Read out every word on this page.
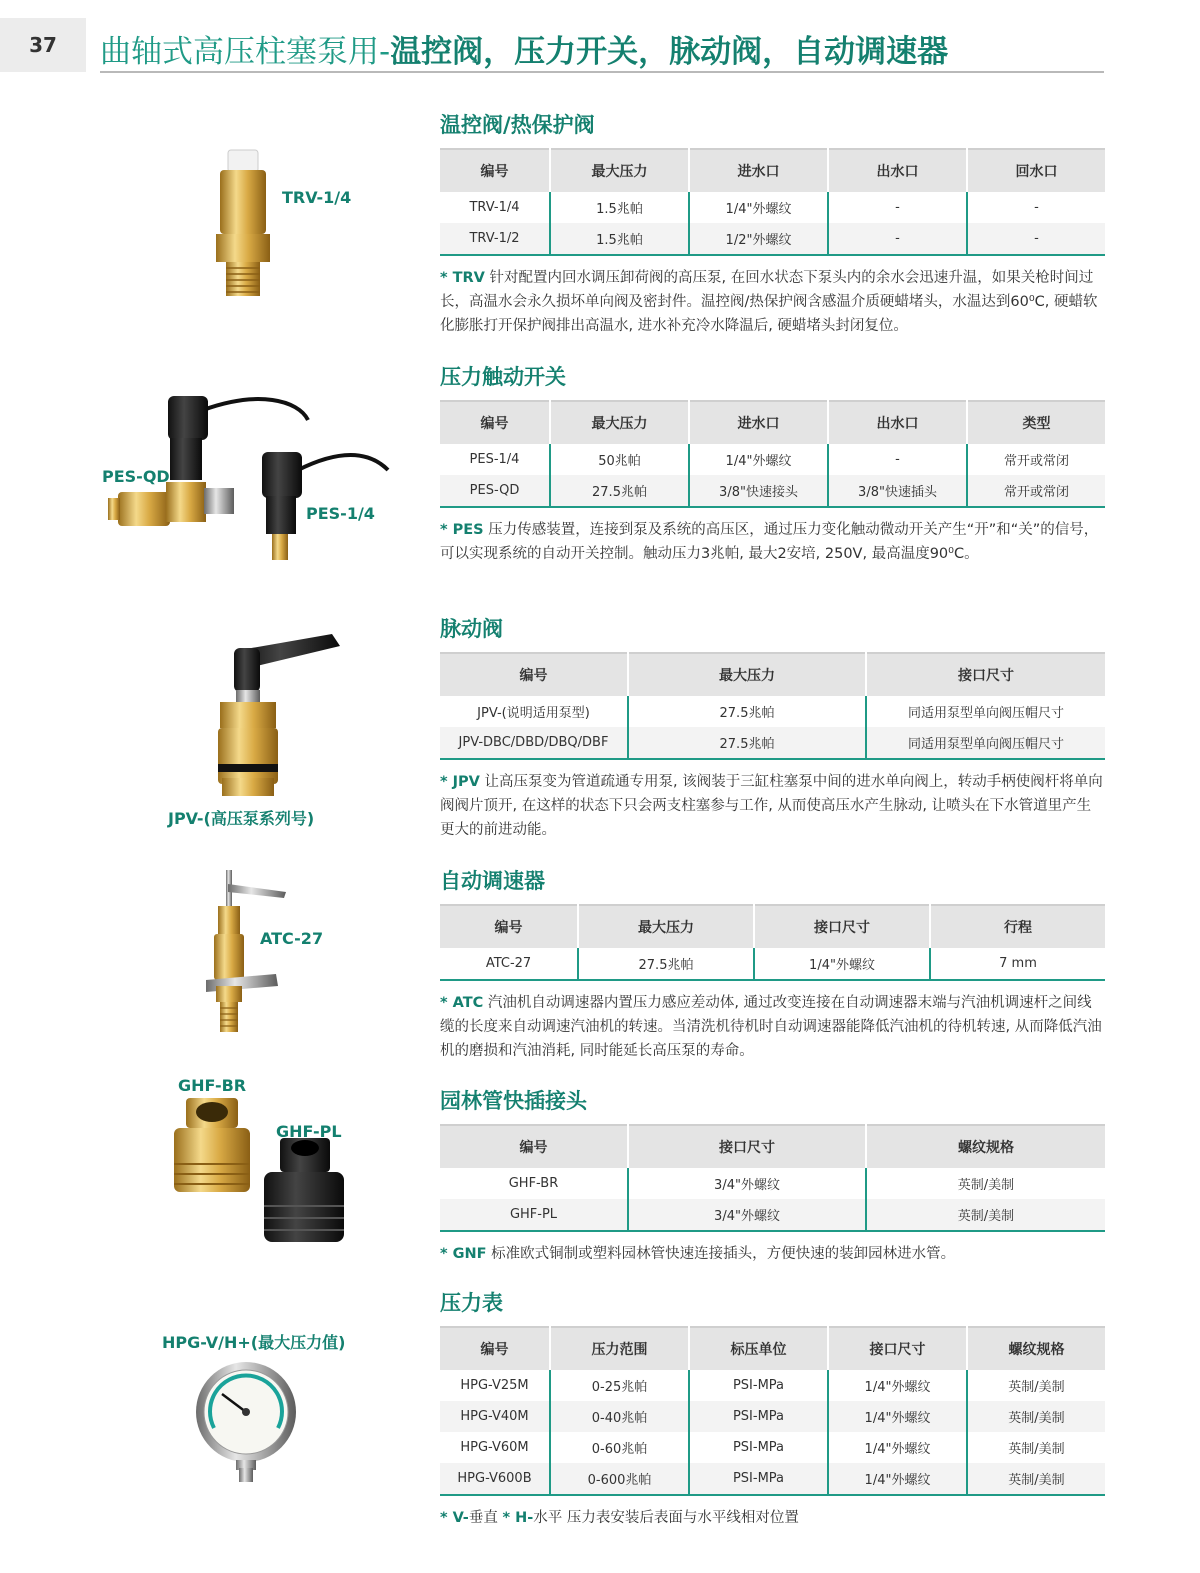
37	曲轴式高压柱塞泵用-温控阀，压力开关，脉动阀，自动调速器
TRV-1/4
PES-QD
PES-1/4
JPV-(高压泵系列号)
ATC-27
GHF-BR
GHF-PL
HPG-V/H+(最大压力值)
温控阀/热保护阀
编号	最大压力	进水口	出水口	回水口
TRV-1/4	1.5兆帕	1/4"外螺纹	-	-
TRV-1/2	1.5兆帕	1/2"外螺纹	-	-
* TRV 针对配置内回水调压卸荷阀的高压泵, 在回水状态下泵头内的余水会迅速升温，如果关枪时间过长，高温水会永久损坏单向阀及密封件。温控阀/热保护阀含感温介质硬蜡堵头，水温达到60⁰C, 硬蜡软化膨胀打开保护阀排出高温水, 进水补充冷水降温后, 硬蜡堵头封闭复位。
压力触动开关
编号	最大压力	进水口	出水口	类型
PES-1/4	50兆帕	1/4"外螺纹	-	常开或常闭
PES-QD	27.5兆帕	3/8"快速接头	3/8"快速插头	常开或常闭
* PES 压力传感装置，连接到泵及系统的高压区，通过压力变化触动微动开关产生“开”和“关”的信号，可以实现系统的自动开关控制。触动压力3兆帕, 最大2安培, 250V, 最高温度90⁰C。
脉动阀
编号	最大压力	接口尺寸
JPV-(说明适用泵型)	27.5兆帕	同适用泵型单向阀压帽尺寸
JPV-DBC/DBD/DBQ/DBF	27.5兆帕	同适用泵型单向阀压帽尺寸
* JPV 让高压泵变为管道疏通专用泵, 该阀装于三缸柱塞泵中间的进水单向阀上，转动手柄使阀杆将单向阀阀片顶开, 在这样的状态下只会两支柱塞参与工作, 从而使高压水产生脉动, 让喷头在下水管道里产生更大的前进动能。
自动调速器
编号	最大压力	接口尺寸	行程
ATC-27	27.5兆帕	1/4"外螺纹	7 mm
* ATC 汽油机自动调速器内置压力感应差动体, 通过改变连接在自动调速器末端与汽油机调速杆之间线缆的长度来自动调速汽油机的转速。当清洗机待机时自动调速器能降低汽油机的待机转速, 从而降低汽油机的磨损和汽油消耗, 同时能延长高压泵的寿命。
园林管快插接头
编号	接口尺寸	螺纹规格
GHF-BR	3/4"外螺纹	英制/美制
GHF-PL	3/4"外螺纹	英制/美制
* GNF 标准欧式铜制或塑料园林管快速连接插头，方便快速的装卸园林进水管。
压力表
编号	压力范围	标压单位	接口尺寸	螺纹规格
HPG-V25M	0-25兆帕	PSI-MPa	1/4"外螺纹	英制/美制
HPG-V40M	0-40兆帕	PSI-MPa	1/4"外螺纹	英制/美制
HPG-V60M	0-60兆帕	PSI-MPa	1/4"外螺纹	英制/美制
HPG-V600B	0-600兆帕	PSI-MPa	1/4"外螺纹	英制/美制
* V-垂直 * H-水平 压力表安装后表面与水平线相对位置
